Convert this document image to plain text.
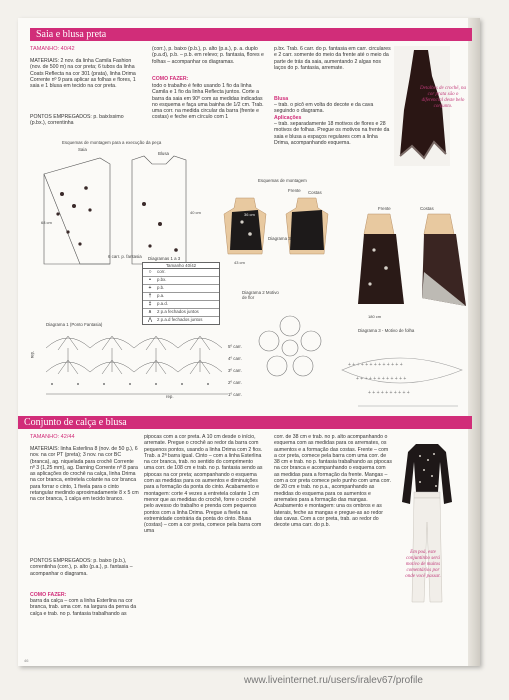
Saia e blusa preta
TAMANHO: 40/42
MATERIAIS: 2 nov. da linha Camila Fashion (nov. de 500 m) na cor preta; 6 tubos da linha Coats Reflecta na cor 301 (prata), linha Drima Corrente nº 9 para aplicar as folhas e flores, 1 saia e 1 blusa em tecido na cor preta.
PONTOS EMPREGADOS: p. baixíssimo (p.bx.), correntinha
(corr.), p. baixo (p.b.), p. alto (p.a.), p. a. duplo (p.a.d), p.b. – p.b. em relevo; p. fantasia, flores e folhas – acompanhar os diagramas.
COMO FAZER:
todo o trabalho é feito usando 1 fio da linha Camila e 1 fio da linha Reflecta juntos. Corte a barra da saia em 90º com as medidas indicadas no esquema e faça uma bainha de 1/2 cm. Trab. uma corr. na medida circular da barra (frente e costas) e feche em círculo com 1
p.bx. Trab. 6 carr. do p. fantasia em carr. circulares e 2 carr. somente do meio da frente até o meio da parte de trás da saia, aumentando 2 algas nos laços do p. fantasia, arrematе.
Blusa
– trab. o picô em volta do decote e da cava seguindo o diagrama.
Aplicações
– trab. separadamente 18 motivos de flores e 28 motivos de folhas. Pregue os motivos na frente da saia e blusa a espaços regulares com a linha Drima, acompanhando esquema.
Detalhes de crochê, na cor prata são o diferencial deste belo conjunto.
Esquemas de montagem para a execução da peça
Saia
Blusa
68 cm
40 cm
6 carr. p. fantasia Diagramas 1 a 3
Tamanho 40/42
○	corr.
•	p.bx.
+	p.b.
†	p.a.
‡	p.a.d.
∧	2 p.a fechados juntos
⋀	2 p.a.d fechados juntos
Diagrama 1 (Ponto Fantasia)
rep.
rep.
5º carr.
4º carr.
3º carr.
2º carr.
1º carr.
Esquemas de montagem
Frente Costas
36 cm
43 cm
180 cm
Frente	Costas
Diagrama 3
Diagrama 2 Motivo de flor
Diagrama 3 - Motivo de folha
+ + + + + + + + + + + + +
+ + + + + + + + + + + +
+ + + + + + + + + +
Conjunto de calça e blusa
TAMANHO: 42/44
MATERIAIS: linha Esterlina 8 (nov. de 50 g.), 6 nov. na cor PT (preta); 3 nov. na cor BC (branca), ag. niquelada para crochê Corrente nº 3 (1,25 mm), ag. Darning Corrente nº 8 para as aplicações do crochê na calça, linha Drima na cor branca, entretela colante na cor branca para forrar o cinto, 1 fivela para o cinto retangular medindo aproximadamente 8 x 5 cm na cor branca, 1 calça em tecido branco.
PONTOS EMPREGADOS: p. baixo (p.b.), correntinha (corr.), p. alto (p.a.), p. fantasia – acompanhar o diagrama.
COMO FAZER:
barra da calça – com a linha Esterlina na cor branca, trab. uma corr. na largura da perna da calça e trab. no p. fantasia trabalhando as
pipocas com a cor preta. A 10 cm desde o início, arremate. Pregue o crochê ao redor da barra com pequenos pontos, usando a linha Drima com 2 fios. Trab. a 2ª barra igual. Cinto – com a linha Esterlina na cor branca, trab. no sentido do comprimento uma corr. de 108 cm e trab. no p. fantasia sendo as pipocas na cor preta; acompanhando o esquema com as medidas para os aumentos e diminuições para a formação da ponta do cinto. Acabamento e montagem: corte 4 vezes a entretela colante 1 cm menor que as medidas do crochê, forre o crochê pelo avesso do trabalho e prenda com pequenos pontos com a linha Drima. Pregue a fivela na extremidade contrária da ponta do cinto. Blusa (costas) – com a cor preta, comece pela barra com uma
corr. de 38 cm e trab. no p. alto acompanhando o esquema com as medidas para os arremates, os aumentos e a formação das costas. Frente – com a cor preta, comece pela barra com uma corr. de 38 cm e trab. no p. fantasia trabalhando as pipocas na cor branca e acompanhando o esquema com as medidas para a formação da frente. Mangas – com a cor preta comece pelo punho com uma corr. de 20 cm e trab. no p.a., acompanhando as medidas do esquema para os aumentos e arremates para a formação das mangas. Acabamento e montagem: una os ombros e as laterais, feche as mangas e pregue-as ao redor das cavas. Com a cor preta, trab. ao redor do decote uma carr. do p.b.
Em poá, este conjuntinho será motivo de muitos comentários por onde você passar.
46
www.liveinternet.ru/users/iralev67/profile
